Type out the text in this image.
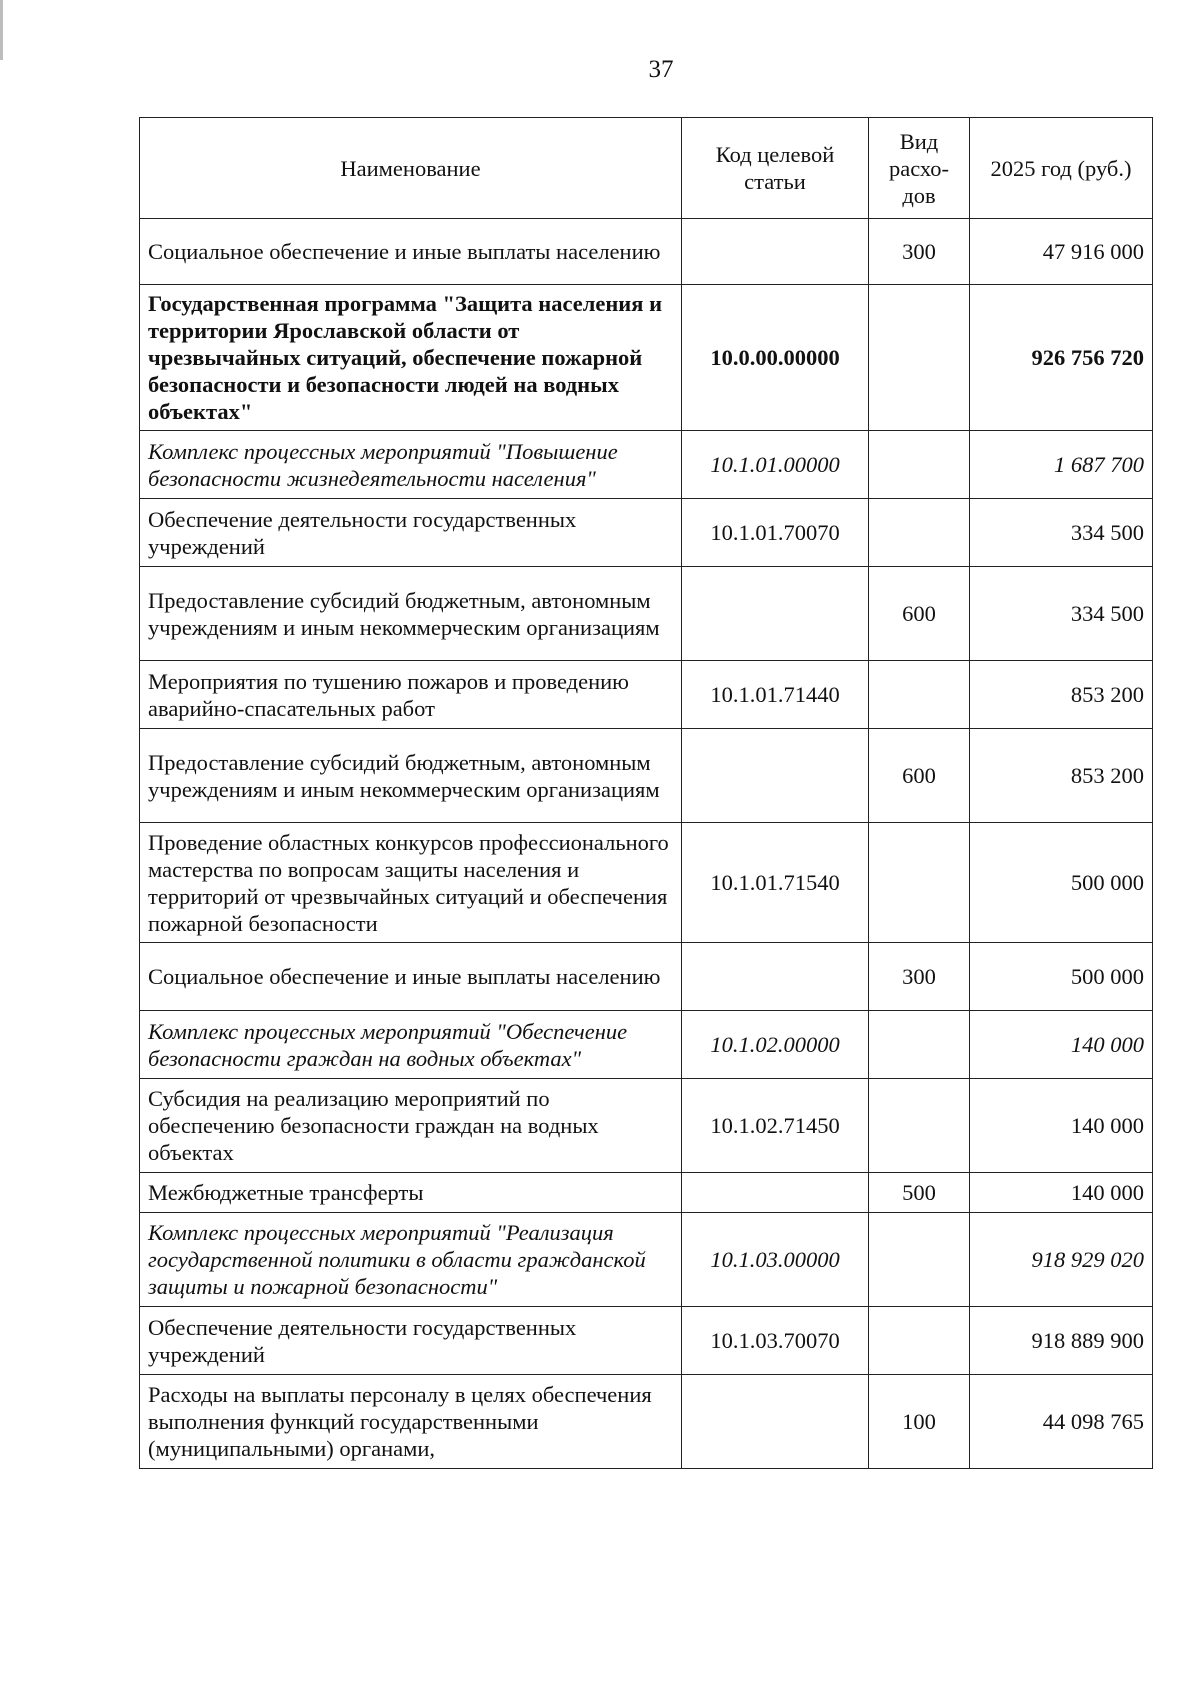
37
Наименование	Код целевой статьи	Вид расхо-дов	2025 год (руб.)
Социальное обеспечение и иные выплаты населению		300	47 916 000
Государственная программа "Защита населения и территории Ярославской области от чрезвычайных ситуаций, обеспечение пожарной безопасности и безопасности людей на водных объектах"	10.0.00.00000		926 756 720
Комплекс процессных мероприятий "Повышение безопасности жизнедеятельности населения"	10.1.01.00000		1 687 700
Обеспечение деятельности государственных учреждений	10.1.01.70070		334 500
Предоставление субсидий бюджетным, автономным учреждениям и иным некоммерческим организациям		600	334 500
Мероприятия по тушению пожаров и проведению аварийно-спасательных работ	10.1.01.71440		853 200
Предоставление субсидий бюджетным, автономным учреждениям и иным некоммерческим организациям		600	853 200
Проведение областных конкурсов профессионального мастерства по вопросам защиты населения и территорий от чрезвычайных ситуаций и обеспечения пожарной безопасности	10.1.01.71540		500 000
Социальное обеспечение и иные выплаты населению		300	500 000
Комплекс процессных мероприятий "Обеспечение безопасности граждан на водных объектах"	10.1.02.00000		140 000
Субсидия на реализацию мероприятий по обеспечению безопасности граждан на водных объектах	10.1.02.71450		140 000
Межбюджетные трансферты		500	140 000
Комплекс процессных мероприятий "Реализация государственной политики в области гражданской защиты и пожарной безопасности"	10.1.03.00000		918 929 020
Обеспечение деятельности государственных учреждений	10.1.03.70070		918 889 900
Расходы на выплаты персоналу в целях обеспечения выполнения функций государственными (муниципальными) органами,		100	44 098 765
